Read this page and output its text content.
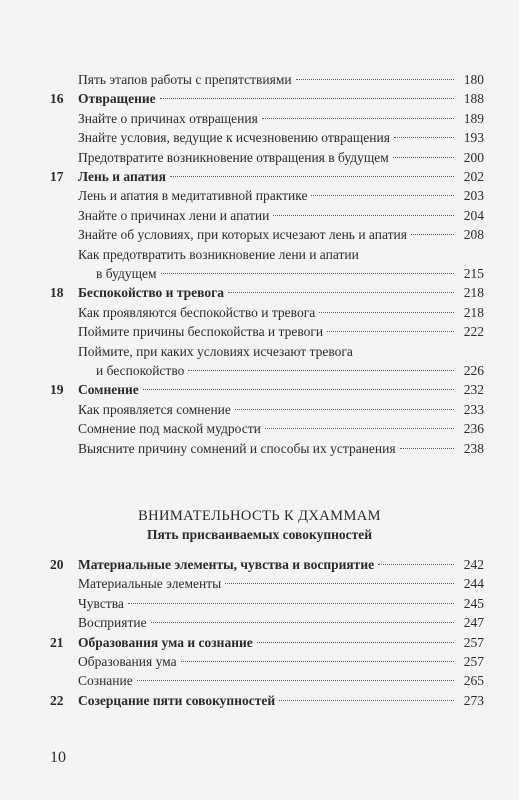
Пять этапов работы с препятствиями	180
16	Отвращение	188
Знайте о причинах отвращения	189
Знайте условия, ведущие к исчезновению отвращения	193
Предотвратите возникновение отвращения в будущем	200
17	Лень и апатия	202
Лень и апатия в медитативной практике	203
Знайте о причинах лени и апатии	204
Знайте об условиях, при которых исчезают лень и апатия	208
Как предотвратить возникновение лени и апатии
в будущем	215
18	Беспокойство и тревога	218
Как проявляются беспокойство и тревога	218
Поймите причины беспокойства и тревоги	222
Поймите, при каких условиях исчезают тревога
и беспокойство	226
19	Сомнение	232
Как проявляется сомнение	233
Сомнение под маской мудрости	236
Выясните причину сомнений и способы их устранения	238
ВНИМАТЕЛЬНОСТЬ К ДХАММАМ
Пять присваиваемых совокупностей
20	Материальные элементы, чувства и восприятие	242
Материальные элементы	244
Чувства	245
Восприятие	247
21	Образования ума и сознание	257
Образования ума	257
Сознание	265
22	Созерцание пяти совокупностей	273
10
